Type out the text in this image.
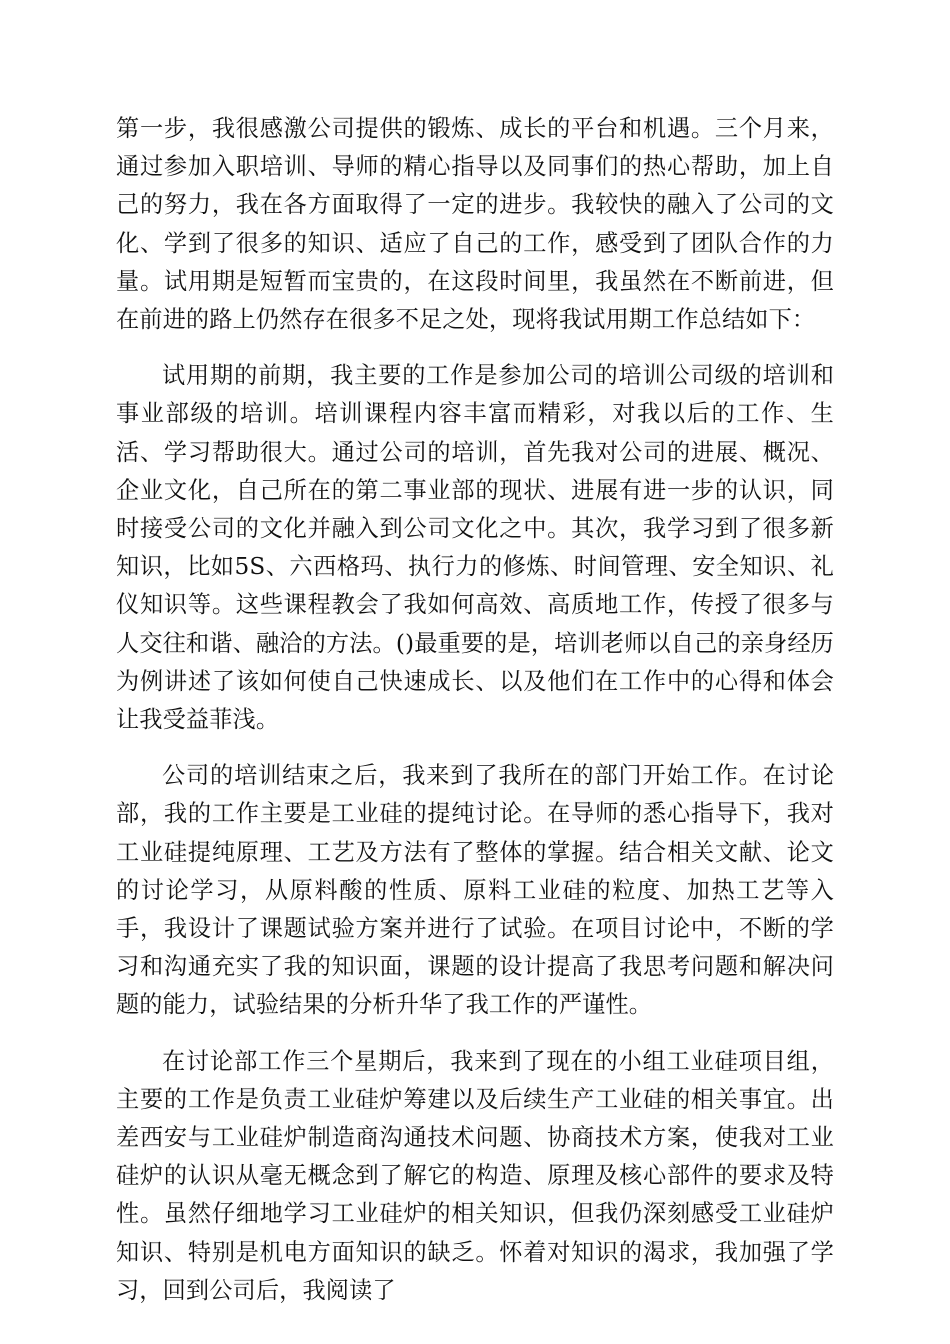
第一步，我很感激公司提供的锻炼、成长的平台和机遇。三个月来，通过参加入职培训、导师的精心指导以及同事们的热心帮助，加上自己的努力，我在各方面取得了一定的进步。我较快的融入了公司的文化、学到了很多的知识、适应了自己的工作，感受到了团队合作的力量。试用期是短暂而宝贵的，在这段时间里，我虽然在不断前进，但在前进的路上仍然存在很多不足之处，现将我试用期工作总结如下：

试用期的前期，我主要的工作是参加公司的培训公司级的培训和事业部级的培训。培训课程内容丰富而精彩，对我以后的工作、生活、学习帮助很大。通过公司的培训，首先我对公司的进展、概况、企业文化，自己所在的第二事业部的现状、进展有进一步的认识，同时接受公司的文化并融入到公司文化之中。其次，我学习到了很多新知识，比如5S、六西格玛、执行力的修炼、时间管理、安全知识、礼仪知识等。这些课程教会了我如何高效、高质地工作，传授了很多与人交往和谐、融洽的方法。()最重要的是，培训老师以自己的亲身经历为例讲述了该如何使自己快速成长、以及他们在工作中的心得和体会让我受益菲浅。

公司的培训结束之后，我来到了我所在的部门开始工作。在讨论部，我的工作主要是工业硅的提纯讨论。在导师的悉心指导下，我对工业硅提纯原理、工艺及方法有了整体的掌握。结合相关文献、论文的讨论学习，从原料酸的性质、原料工业硅的粒度、加热工艺等入手，我设计了课题试验方案并进行了试验。在项目讨论中，不断的学习和沟通充实了我的知识面，课题的设计提高了我思考问题和解决问题的能力，试验结果的分析升华了我工作的严谨性。

在讨论部工作三个星期后，我来到了现在的小组工业硅项目组，主要的工作是负责工业硅炉筹建以及后续生产工业硅的相关事宜。出差西安与工业硅炉制造商沟通技术问题、协商技术方案，使我对工业硅炉的认识从毫无概念到了解它的构造、原理及核心部件的要求及特性。虽然仔细地学习工业硅炉的相关知识，但我仍深刻感受工业硅炉知识、特别是机电方面知识的缺乏。怀着对知识的渴求，我加强了学习，回到公司后，我阅读了
